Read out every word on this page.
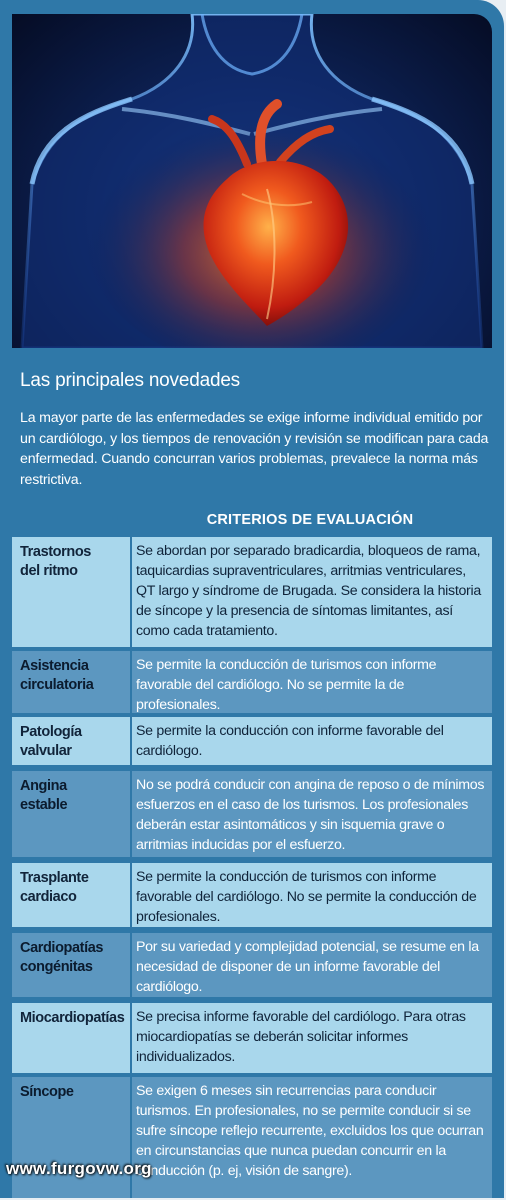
Las principales novedades

La mayor parte de las enfermedades se exige informe individual emitido por un cardiólogo, y los tiempos de renovación y revisión se modifican para cada enfermedad. Cuando concurran varios problemas, prevalece la norma más restrictiva.

CRITERIOS DE EVALUACIÓN
Trastornos del ritmo
Se abordan por separado bradicardia, bloqueos de rama, taquicardias supraventriculares, arritmias ventriculares, QT largo y síndrome de Brugada. Se considera la historia de síncope y la presencia de síntomas limitantes, así como cada tratamiento.
Asistencia circulatoria
Se permite la conducción de turismos con informe favorable del cardiólogo. No se permite la de profesionales.
Patología valvular
Se permite la conducción con informe favorable del cardiólogo.
Angina estable
No se podrá conducir con angina de reposo o de mínimos esfuerzos en el caso de los turismos. Los profesionales deberán estar asintomáticos y sin isquemia grave o arritmias inducidas por el esfuerzo.
Trasplante cardiaco
Se permite la conducción de turismos con informe favorable del cardiólogo. No se permite la conducción de profesionales.
Cardiopatías congénitas
Por su variedad y complejidad potencial, se resume en la necesidad de disponer de un informe favorable del cardiólogo.
Miocardiopatías Se precisa informe favorable del cardiólogo. Para otras miocardiopatías se deberán solicitar informes individualizados.
Síncope	Se exigen 6 meses sin recurrencias para conducir turismos. En profesionales, no se permite conducir si se sufre síncope reflejo recurrente, excluidos los que ocurran en circunstancias que nunca puedan concurrir en la conducción (p. ej, visión de sangre).
www.furgovw.org
